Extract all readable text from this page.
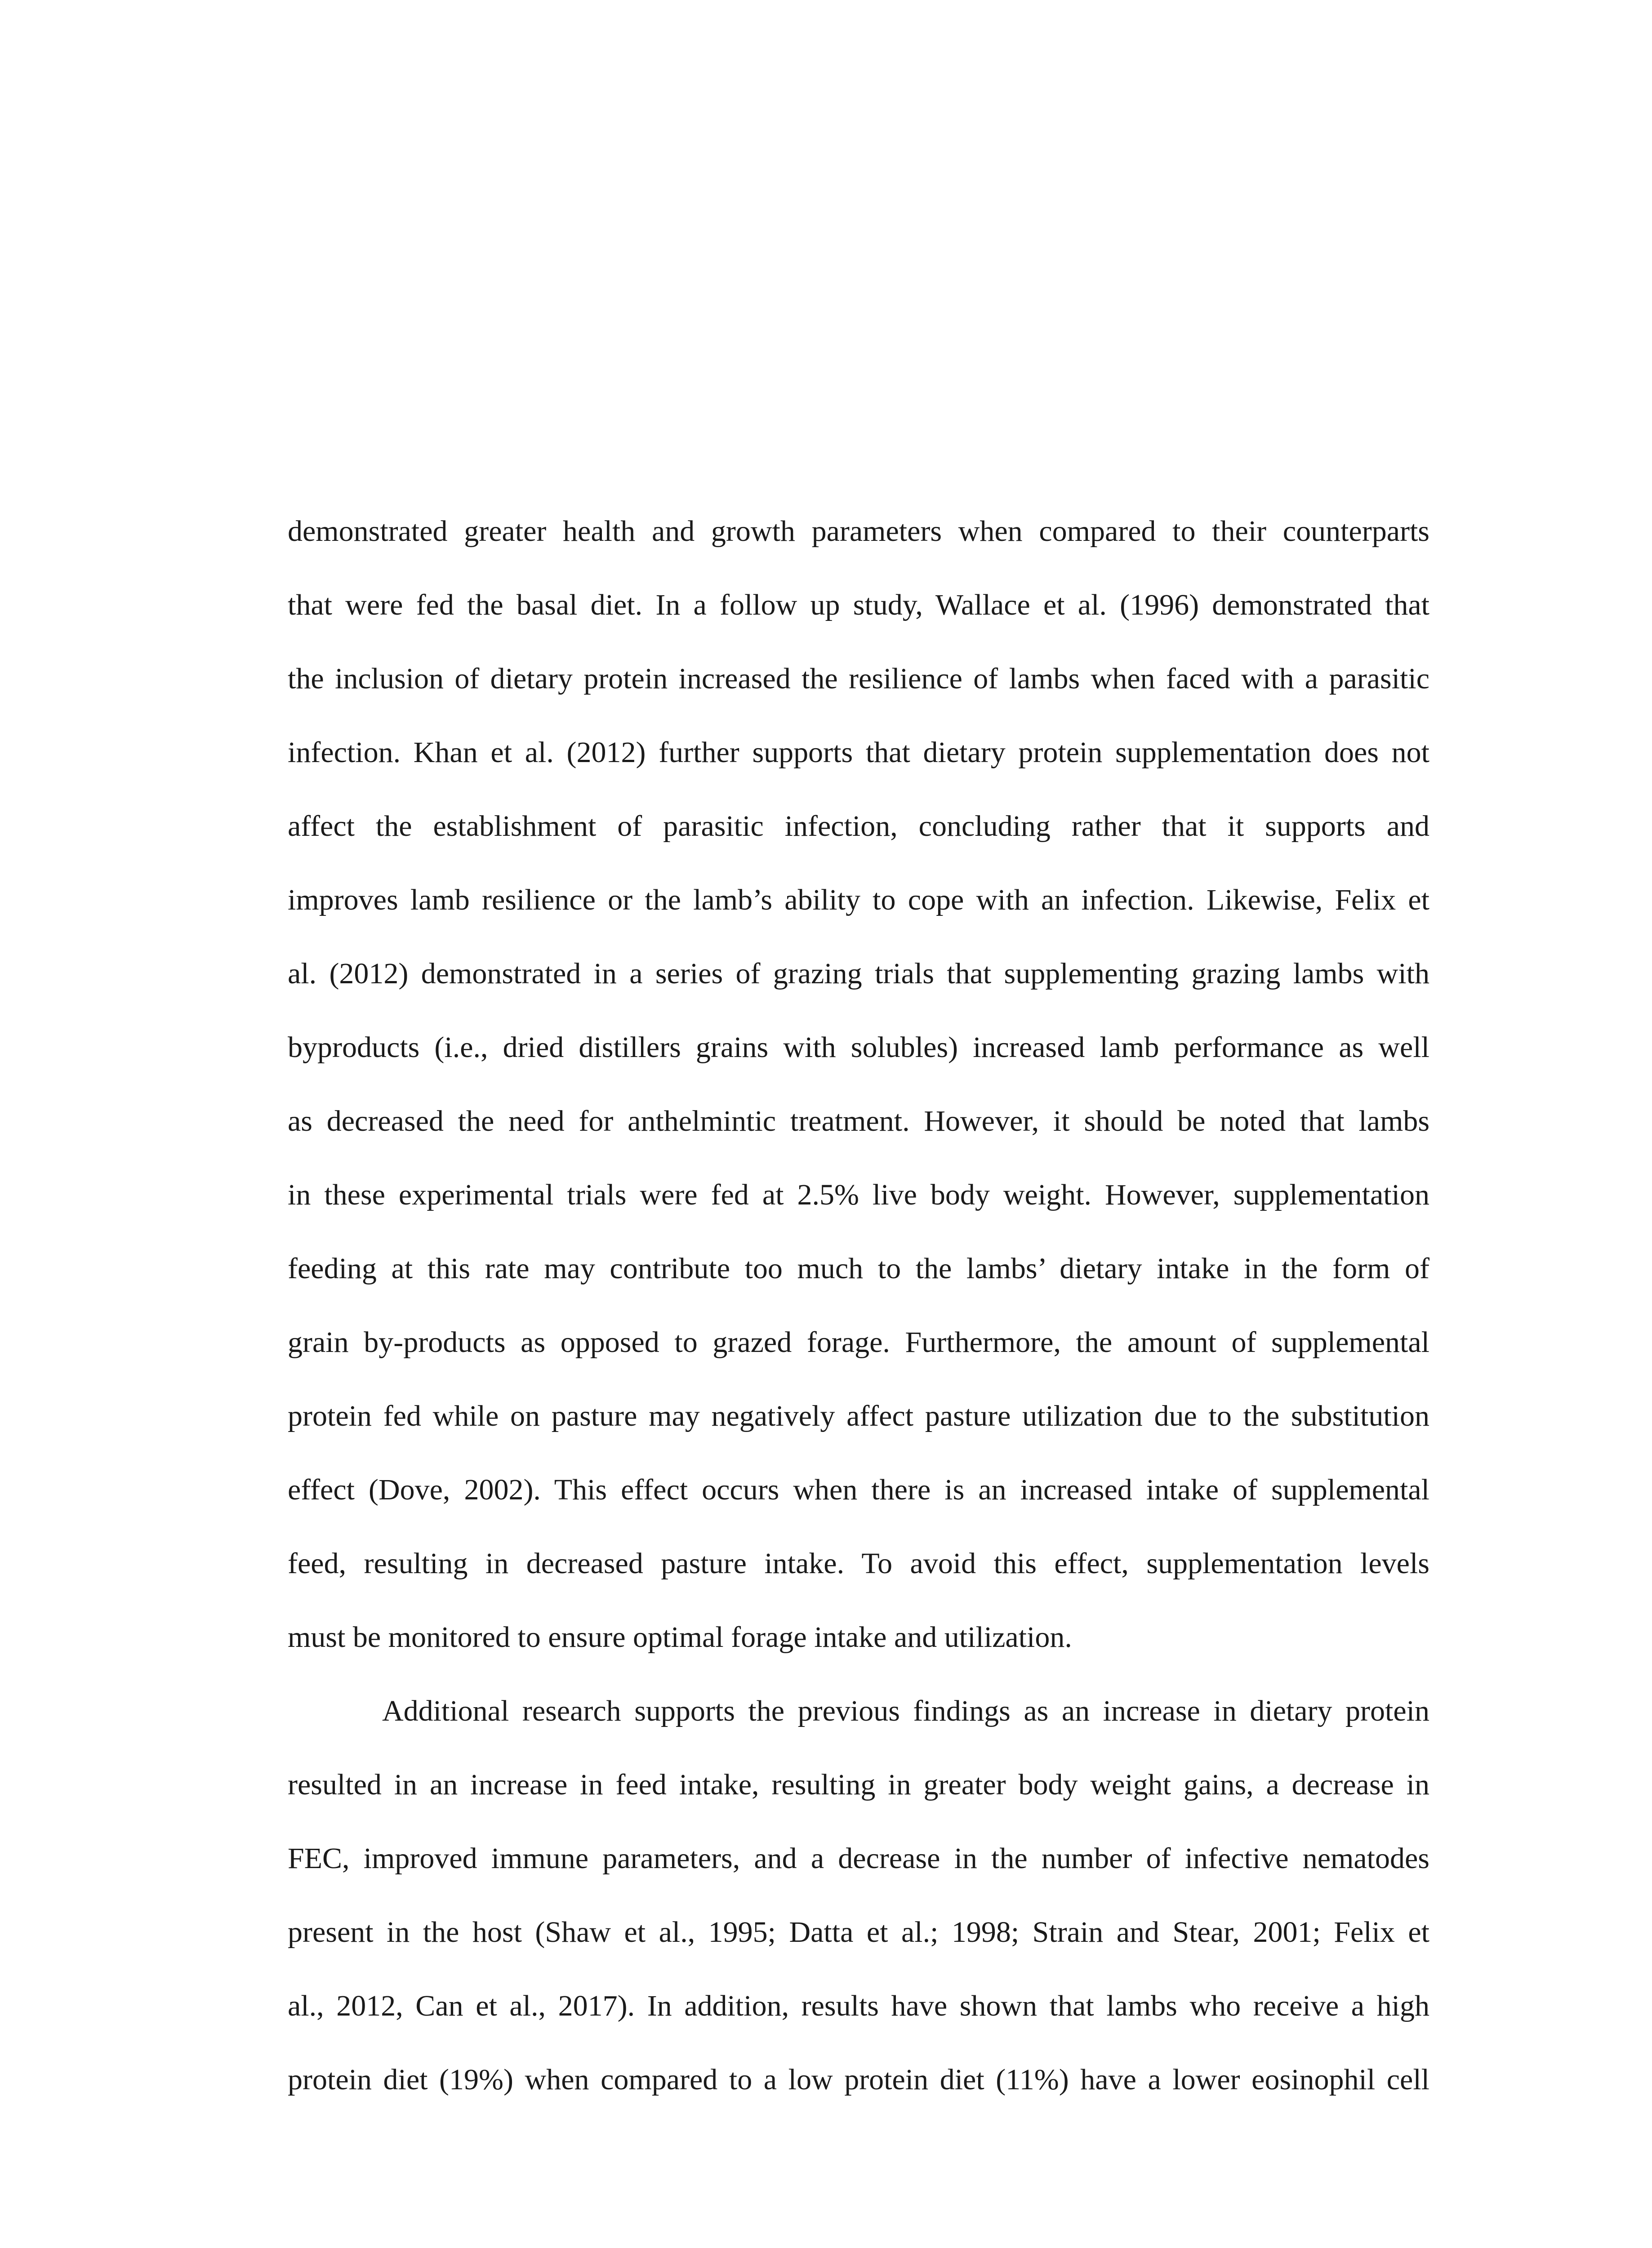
demonstrated greater health and growth parameters when compared to their counterparts
that were fed the basal diet. In a follow up study, Wallace et al. (1996) demonstrated that
the inclusion of dietary protein increased the resilience of lambs when faced with a parasitic
infection. Khan et al. (2012) further supports that dietary protein supplementation does not
affect the establishment of parasitic infection, concluding rather that it supports and
improves lamb resilience or the lamb’s ability to cope with an infection. Likewise, Felix et
al. (2012) demonstrated in a series of grazing trials that supplementing grazing lambs with
byproducts (i.e., dried distillers grains with solubles) increased lamb performance as well
as decreased the need for anthelmintic treatment. However, it should be noted that lambs
in these experimental trials were fed at 2.5% live body weight. However, supplementation
feeding at this rate may contribute too much to the lambs’ dietary intake in the form of
grain by-products as opposed to grazed forage. Furthermore, the amount of supplemental
protein fed while on pasture may negatively affect pasture utilization due to the substitution
effect (Dove, 2002). This effect occurs when there is an increased intake of supplemental
feed, resulting in decreased pasture intake. To avoid this effect, supplementation levels
must be monitored to ensure optimal forage intake and utilization.
Additional research supports the previous findings as an increase in dietary protein
resulted in an increase in feed intake, resulting in greater body weight gains, a decrease in
FEC, improved immune parameters, and a decrease in the number of infective nematodes
present in the host (Shaw et al., 1995; Datta et al.; 1998; Strain and Stear, 2001; Felix et
al., 2012, Can et al., 2017). In addition, results have shown that lambs who receive a high
protein diet (19%) when compared to a low protein diet (11%) have a lower eosinophil cell
